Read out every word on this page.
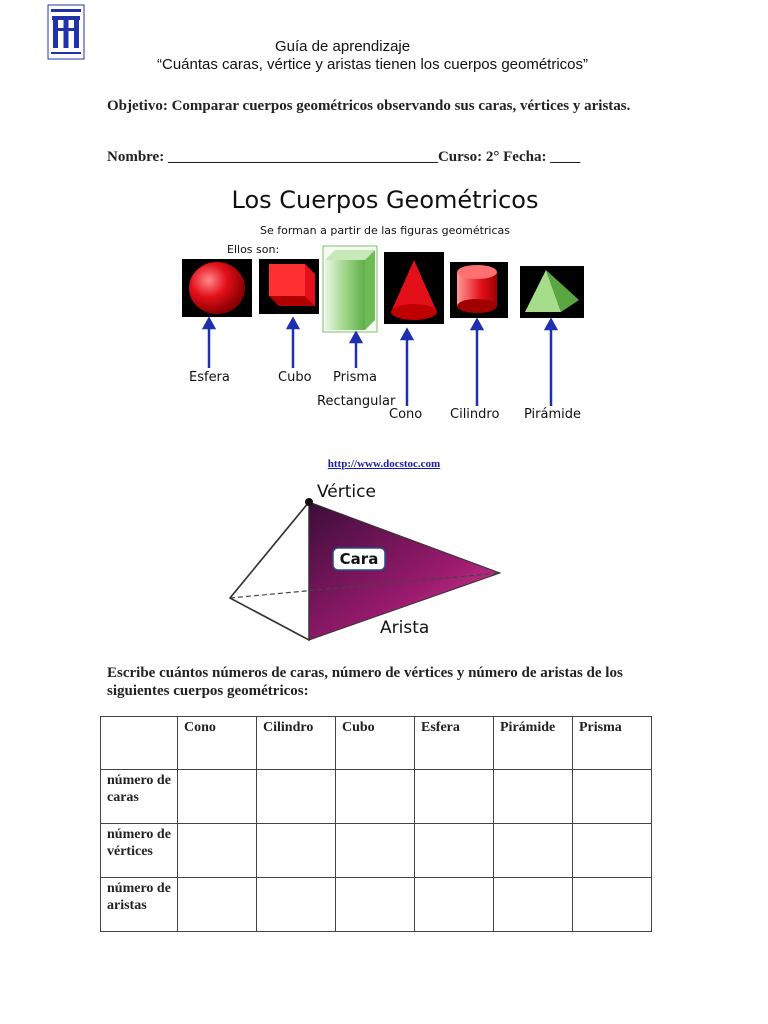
Guía de aprendizaje
“Cuántas caras, vértice y aristas tienen los cuerpos geométricos”
Objetivo: Comparar cuerpos geométricos observando sus caras, vértices y aristas.
Nombre: ____________________________________Curso: 2° Fecha: ____
Los Cuerpos Geométricos
Se forman a partir de las figuras geométricas
Ellos son:
Esfera	Cubo Prisma
Rectangular
Cono Cilindro Pirámide
http://www.docstoc.com
Vértice
Cara
Arista
Escribe cuántos números de caras, número de vértices y número de aristas de los siguientes cuerpos geométricos:
	Cono	Cilindro	Cubo	Esfera	Pirámide	Prisma
número de caras						
número de vértices						
número de aristas						
